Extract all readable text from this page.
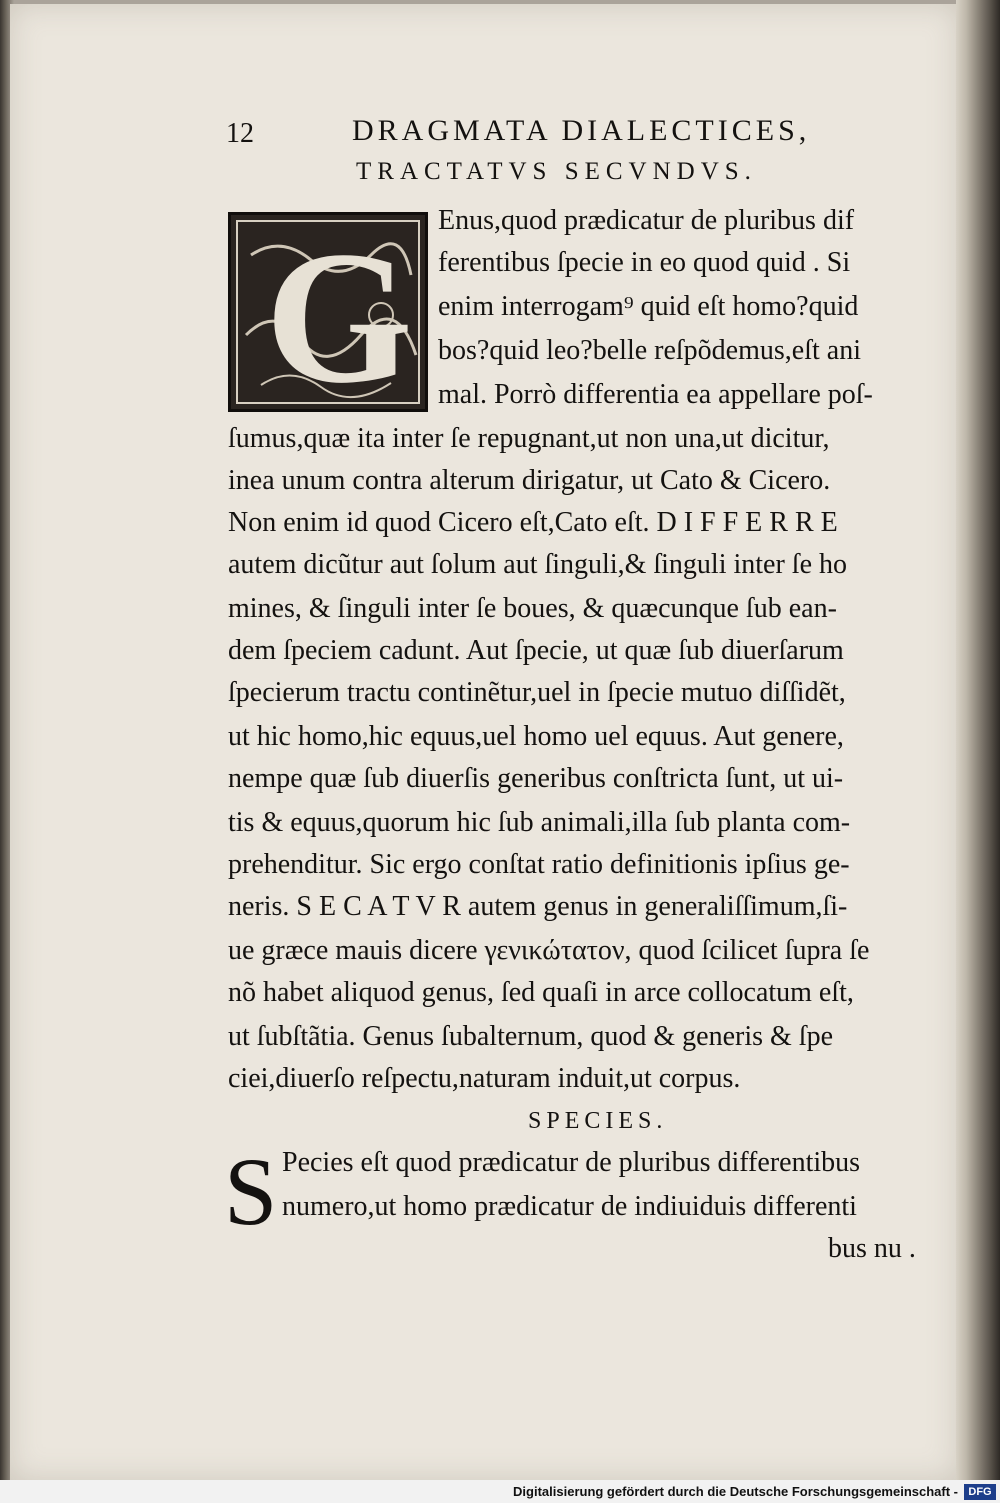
12	DRAGMATA DIALECTICES,
TRACTATVS SECVNDVS.
G Enus,quod prædicatur de pluribus dif
ferentibus ſpecie in eo quod quid . Si
enim interrogam⁹ quid eſt homo?quid
bos?quid leo?belle reſpõdemus,eſt ani
mal. Porrò differentia ea appellare poſ-
ſumus,quæ ita inter ſe repugnant,ut non una,ut dicitur,
inea unum contra alterum dirigatur, ut Cato & Cicero.
Non enim id quod Cicero eſt,Cato eſt. D I F F E R R E
autem dicũtur aut ſolum aut ſinguli,& ſinguli inter ſe ho
mines, & ſinguli inter ſe boues, & quæcunque ſub ean-
dem ſpeciem cadunt. Aut ſpecie, ut quæ ſub diuerſarum
ſpecierum tractu continẽtur,uel in ſpecie mutuo diſſidẽt,
ut hic homo,hic equus,uel homo uel equus. Aut genere,
nempe quæ ſub diuerſis generibus conſtricta ſunt, ut ui-
tis & equus,quorum hic ſub animali,illa ſub planta com-
prehenditur. Sic ergo conſtat ratio definitionis ipſius ge-
neris. S E C A T V R autem genus in generaliſſimum,ſi-
ue græce mauis dicere γενικώτατον, quod ſcilicet ſupra ſe
nõ habet aliquod genus, ſed quaſi in arce collocatum eſt,
ut ſubſtãtia. Genus ſubalternum, quod & generis & ſpe
ciei,diuerſo reſpectu,naturam induit,ut corpus.
SPECIES.
S Pecies eſt quod prædicatur de pluribus differentibus
numero,ut homo prædicatur de indiuiduis differenti
bus nu .
Digitalisierung gefördert durch die Deutsche Forschungsgemeinschaft - DFG
